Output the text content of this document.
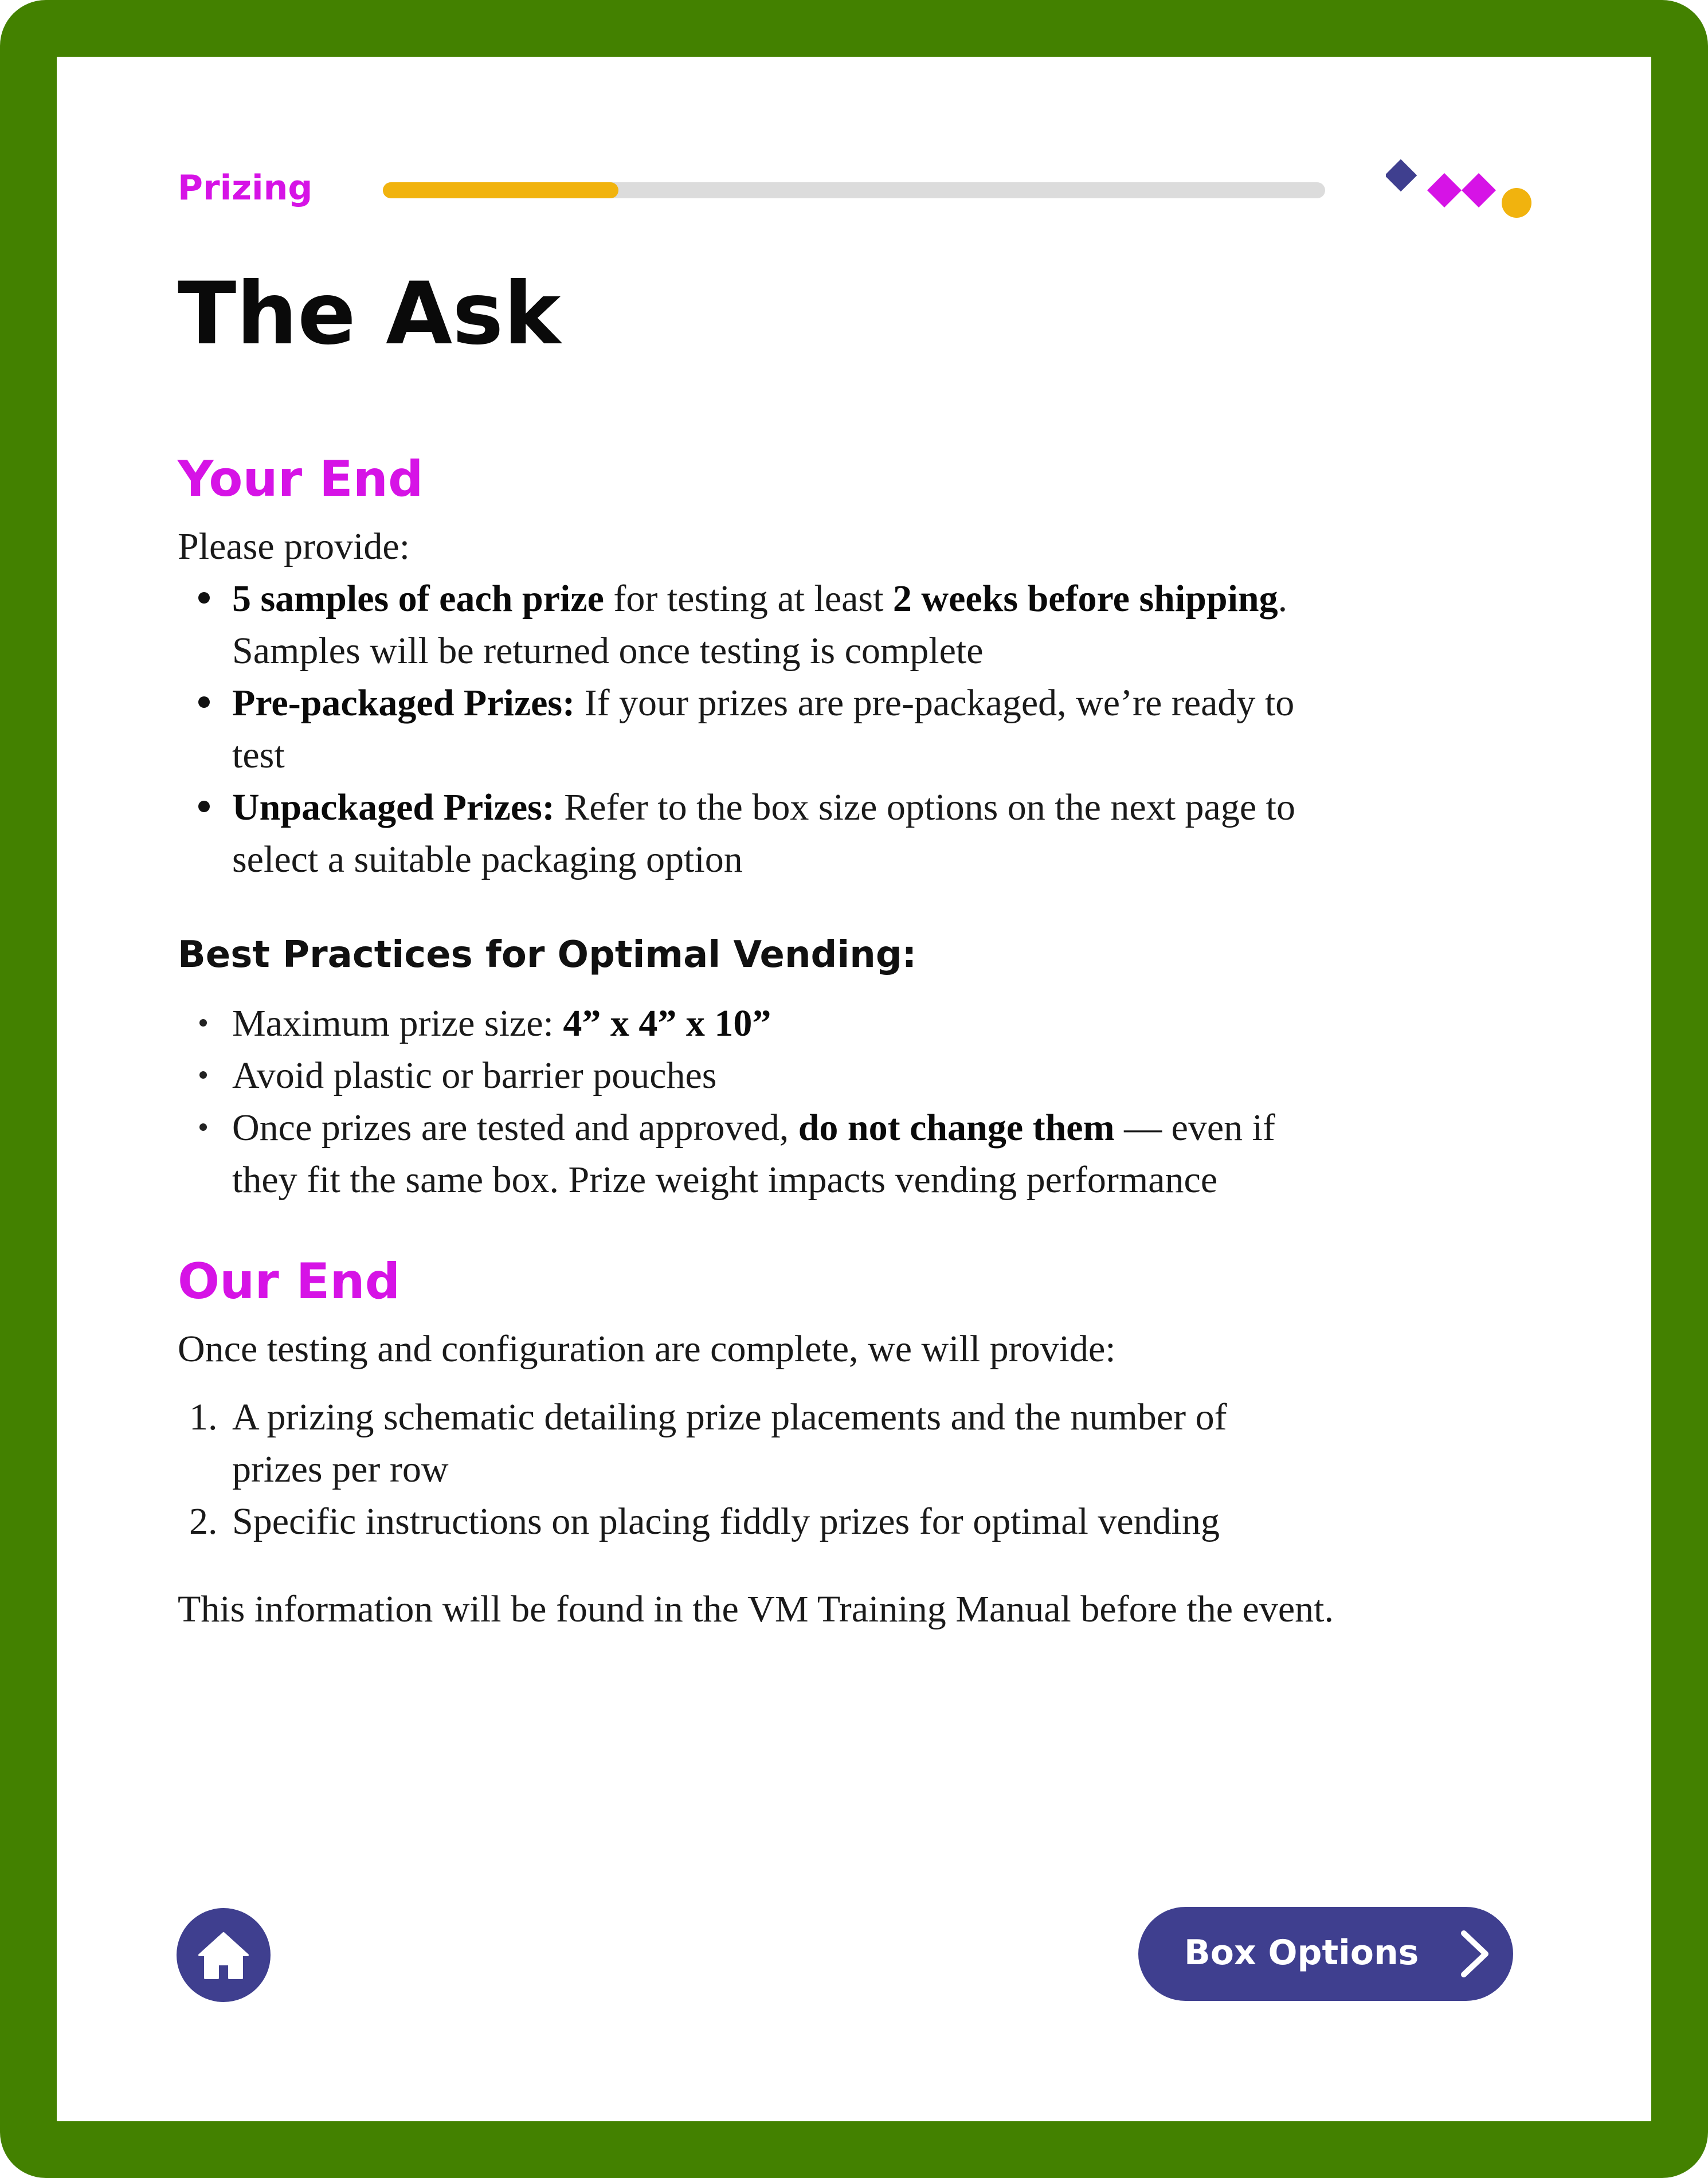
Prizing
The Ask
Your End

Please provide:

5 samples of each prize for testing at least 2 weeks before shipping.
Samples will be returned once testing is complete
Pre-packaged Prizes: If your prizes are pre-packaged, we’re ready to
test
Unpackaged Prizes: Refer to the box size options on the next page to
select a suitable packaging option
Best Practices for Optimal Vending:
Maximum prize size: 4” x 4” x 10”
Avoid plastic or barrier pouches
Once prizes are tested and approved, do not change them — even if
they fit the same box. Prize weight impacts vending performance
Our End

Once testing and configuration are complete, we will provide:

1. A prizing schematic detailing prize placements and the number of
prizes per row
2. Specific instructions on placing fiddly prizes for optimal vending

This information will be found in the VM Training Manual before the event.

Box Options
